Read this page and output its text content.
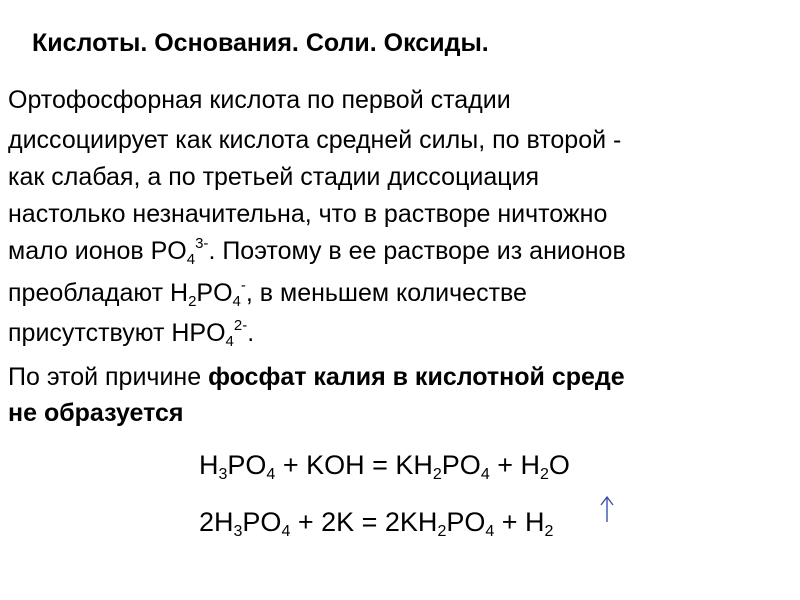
Кислоты. Основания. Соли. Оксиды.
Ортофосфорная кислота по первой стадии
диссоциирует как кислота средней силы, по второй -
как слабая, а по третьей стадии диссоциация
настолько незначительна, что в растворе ничтожно
мало ионов $PO_4^{3-}$. Поэтому в ее растворе из анионов
преобладают $H_2PO_4^-$, в меньшем количестве
присутствуют $HPO_4^{2-}$.
По этой причине фосфат калия в кислотной среде
не образуется
$H_3PO_4$ + KOH = $KH_2PO_4 + H_2O$
$2H_3PO_4 + 2K = 2KH_2PO_4 + H_2$
